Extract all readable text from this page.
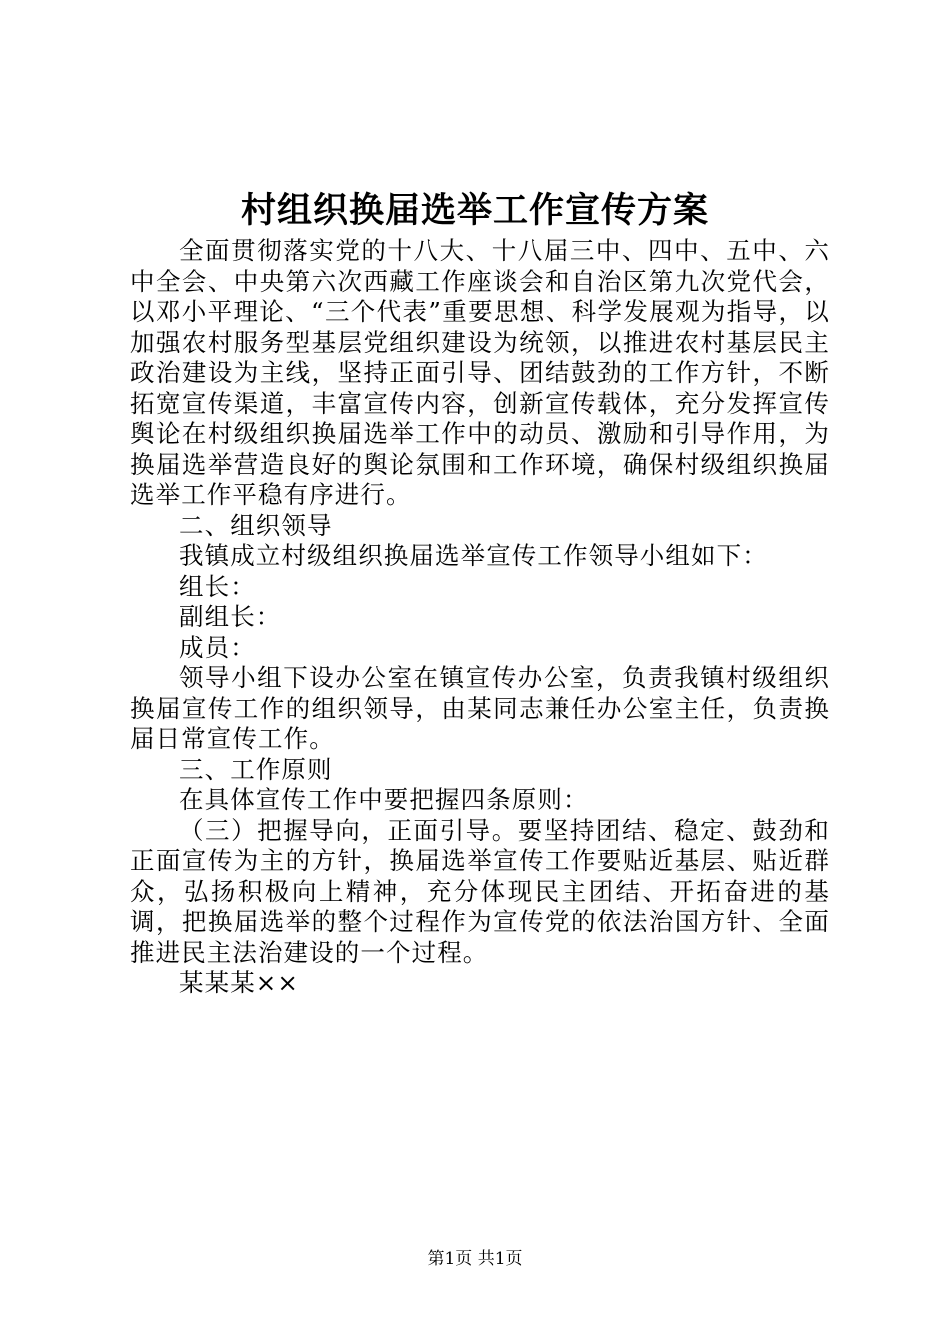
村组织换届选举工作宣传方案

全面贯彻落实党的十八大、十八届三中、四中、五中、六中全会、中央第六次西藏工作座谈会和自治区第九次党代会，以邓小平理论、“三个代表”重要思想、科学发展观为指导，以加强农村服务型基层党组织建设为统领，以推进农村基层民主政治建设为主线，坚持正面引导、团结鼓劲的工作方针，不断拓宽宣传渠道，丰富宣传内容，创新宣传载体，充分发挥宣传舆论在村级组织换届选举工作中的动员、激励和引导作用，为换届选举营造良好的舆论氛围和工作环境，确保村级组织换届选举工作平稳有序进行。

二、组织领导

我镇成立村级组织换届选举宣传工作领导小组如下：

组长：

副组长：

成员：

领导小组下设办公室在镇宣传办公室，负责我镇村级组织换届宣传工作的组织领导，由某同志兼任办公室主任，负责换届日常宣传工作。

三、工作原则

在具体宣传工作中要把握四条原则：

（三）把握导向，正面引导。要坚持团结、稳定、鼓劲和正面宣传为主的方针，换届选举宣传工作要贴近基层、贴近群众，弘扬积极向上精神，充分体现民主团结、开拓奋进的基调，把换届选举的整个过程作为宣传党的依法治国方针、全面推进民主法治建设的一个过程。

某某某××

第1页 共1页
